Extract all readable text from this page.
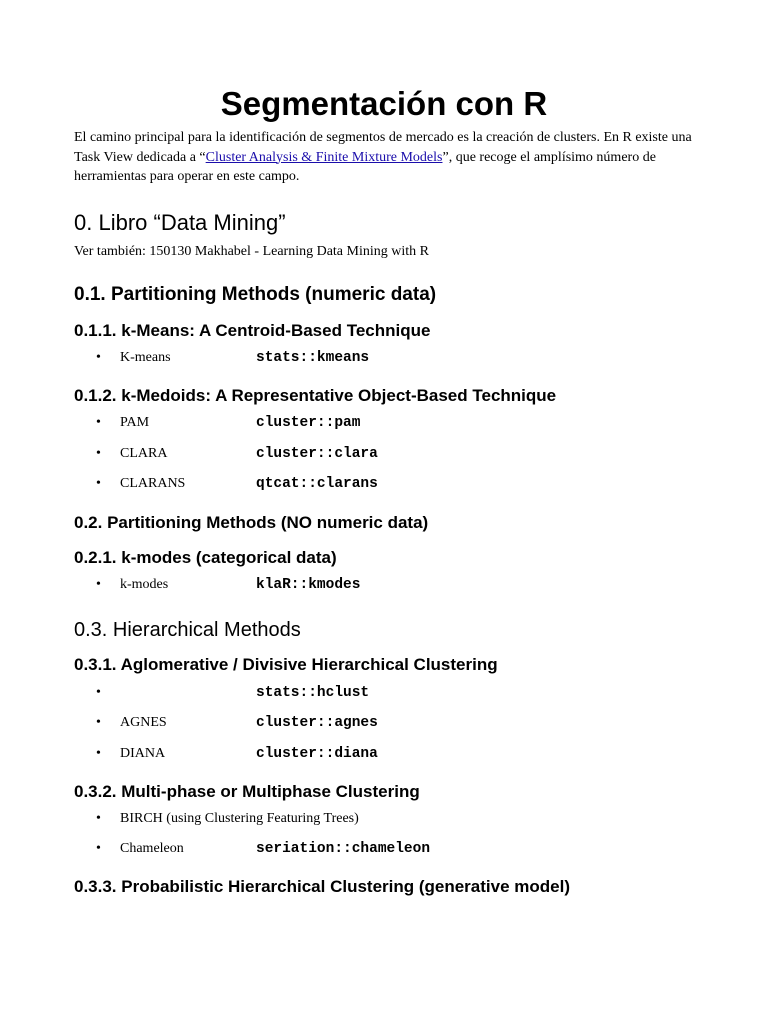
Segmentación con R
El camino principal para la identificación de segmentos de mercado es la creación de clusters. En R existe una Task View dedicada a “Cluster Analysis & Finite Mixture Models”, que recoge el amplísimo número de herramientas para operar en este campo.
0. Libro “Data Mining”
Ver también: 150130 Makhabel - Learning Data Mining with R
0.1. Partitioning Methods (numeric data)
0.1.1. k-Means: A Centroid-Based Technique
• K-means	stats::kmeans
0.1.2. k-Medoids: A Representative Object-Based Technique
• PAM	cluster::pam
• CLARA	cluster::clara
• CLARANS	qtcat::clarans
0.2. Partitioning Methods (NO numeric data)
0.2.1. k-modes (categorical data)
• k-modes	klaR::kmodes
0.3. Hierarchical Methods
0.3.1. Aglomerative / Divisive Hierarchical Clustering
•	stats::hclust
• AGNES	cluster::agnes
• DIANA	cluster::diana
0.3.2. Multi-phase or Multiphase Clustering
• BIRCH (using Clustering Featuring Trees)
• Chameleon	seriation::chameleon
0.3.3. Probabilistic Hierarchical Clustering (generative model)
